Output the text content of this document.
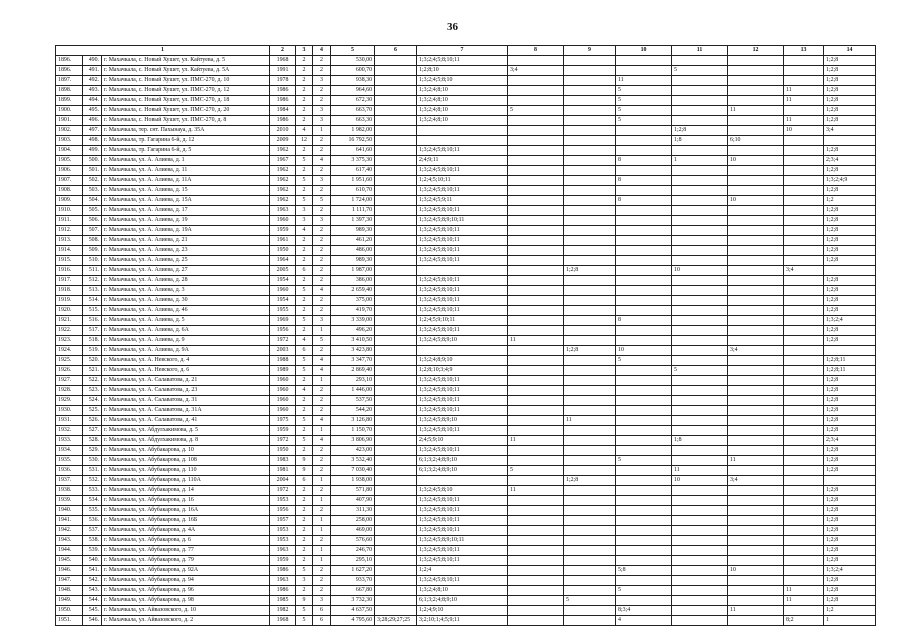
36
1			2	3	4	5	6	7	8	9	10	11	12	13	14
1896.	490.	г. Махачкала, с. Новый Хушет, ул. Кайтуева, д. 5	1968	2	2	530,00		1;3;2;4;5;8;10;11							1;2;8
1896.	491.	г. Махачкала, с. Новый Хушет, ул. Кайтуева, д. 5А	1991	2	2	600,70		1;2;8;10	3;4			5			1;2;8
1897.	492.	г. Махачкала, с. Новый Хушет, ул. ПМС-270, д. 10	1978	2	3	938,30		1;3;2;4;5;8;10			11				1;2;8
1898.	493.	г. Махачкала, с. Новый Хушет, ул. ПМС-270, д. 12	1986	2	2	964,60		1;3;2;4;8;10			5			11	1;2;8
1899.	494.	г. Махачкала, с. Новый Хушет, ул. ПМС-270, д. 18	1986	2	2	672,30		1;3;2;4;8;10			5			11	1;2;8
1900.	495.	г. Махачкала, с. Новый Хушет, ул. ПМС-270, д. 20	1984	2	3	663,70		1;3;2;4;8;10	5		5		11		1;2;8
1901.	496.	г. Махачкала, с. Новый Хушет, ул. ПМС-270, д. 8	1986	2	3	663,30		1;3;2;4;8;10			5			11	1;2;8
1902.	497.	г. Махачкала, тер. снт. Пахынауа, д. 35А	2010	4	1	1 982,00						1;2;8		10	3;4
1903.	498.	г. Махачкала, тр. Гагарина 6-й, д. 12	2009	12	2	16 792,50						1;8	6;10		
1904.	499.	г. Махачкала, тр. Гагарина 6-й, д. 5	1962	2	2	641,60		1;3;2;4;5;8;10;11							1;2;8
1905.	500.	г. Махачкала, ул. А. Алиева, д. 1	1967	5	4	3 375,30		2;4;9;11			8	1	10		2;3;4
1906.	501.	г. Махачкала, ул. А. Алиева, д. 11	1962	2	2	617,40		1;3;2;4;5;8;10;11							1;2;8
1907.	502.	г. Махачкала, ул. А. Алиева, д. 11А	1962	5	3	1 951,60		1;2;4;5;10;11			8				1;3;2;4;9
1908.	503.	г. Махачкала, ул. А. Алиева, д. 15	1962	2	2	610,70		1;3;2;4;5;8;10;11							1;2;8
1909.	504.	г. Махачкала, ул. А. Алиева, д. 15А	1962	5	5	1 724,00		1;3;2;4;5;9;11			8		10		1;2
1910.	505.	г. Махачкала, ул. А. Алиева, д. 17	1963	3	2	1 111,70		1;3;2;4;5;8;10;11							1;2;8
1911.	506.	г. Махачкала, ул. А. Алиева, д. 19	1960	3	3	1 397,30		1;3;2;4;5;8;9;10;11							1;2;8
1912.	507.	г. Махачкала, ул. А. Алиева, д. 19А	1959	4	2	989,30		1;3;2;4;5;8;10;11							1;2;8
1913.	508.	г. Махачкала, ул. А. Алиева, д. 21	1961	2	2	461,20		1;3;2;4;5;8;10;11							1;2;8
1914.	509.	г. Махачкала, ул. А. Алиева, д. 23	1950	2	2	486,00		1;3;2;4;5;8;10;11							1;2;8
1915.	510.	г. Махачкала, ул. А. Алиева, д. 25	1964	2	2	989,30		1;3;2;4;5;8;10;11							1;2;8
1916.	511.	г. Махачкала, ул. А. Алиева, д. 27	2005	6	2	1 987,00				1;2;8		10		3;4	
1917.	512.	г. Махачкала, ул. А. Алиева, д. 28	1954	2	2	386,00		1;3;2;4;5;8;10;11							1;2;8
1918.	513.	г. Махачкала, ул. А. Алиева, д. 3	1960	5	4	2 659,40		1;3;2;4;5;8;10;11							1;2;8
1919.	514.	г. Махачкала, ул. А. Алиева, д. 30	1954	2	2	375,00		1;3;2;4;5;8;10;11							1;2;8
1920.	515.	г. Махачкала, ул. А. Алиева, д. 46	1955	2	2	419,70		1;3;2;4;5;8;10;11							1;2;8
1921.	516.	г. Махачкала, ул. А. Алиева, д. 5	1969	5	3	3 339,00		1;2;4;5;9;10;11			8				1;3;2;4
1922.	517.	г. Махачкала, ул. А. Алиева, д. 6А	1956	2	1	496,20		1;3;2;4;5;8;10;11							1;2;8
1923.	518.	г. Махачкала, ул. А. Алиева, д. 9	1972	4	5	3 410,50		1;3;2;4;5;8;9;10	11						1;2;8
1924.	519.	г. Махачкала, ул. А. Алиева, д. 9А	2003	6	2	3 423,80				1;2;8	10		3;4		
1925.	520.	г. Махачкала, ул. А. Невского, д. 4	1988	5	4	3 347,70		1;3;2;4;8;9;10			5				1;2;8;11
1926.	521.	г. Махачкала, ул. А. Невского, д. 6	1989	5	4	2 869,40		1;2;8;10;3;4;9				5			1;2;8;11
1927.	522.	г. Махачкала, ул. А. Салаватова, д. 21	1960	2	1	293,10		1;3;2;4;5;8;10;11							1;2;8
1928.	523.	г. Махачкала, ул. А. Салаватова, д. 23	1960	4	2	1 446,00		1;3;2;4;5;8;10;11							1;2;8
1929.	524.	г. Махачкала, ул. А. Салаватова, д. 31	1960	2	2	537,50		1;3;2;4;5;8;10;11							1;2;8
1930.	525.	г. Махачкала, ул. А. Салаватова, д. 31А	1960	2	2	544,20		1;3;2;4;5;8;10;11							1;2;8
1931.	526.	г. Махачкала, ул. А. Салаватова, д. 41	1975	5	4	3 126,80		1;3;2;4;5;8;9;10		11					1;2;8
1932.	527.	г. Махачкала, ул. Абдулхакимова, д. 5	1959	2	1	1 150,70		1;3;2;4;5;8;10;11							1;2;8
1933.	528.	г. Махачкала, ул. Абдулхакимова, д. 8	1972	5	4	3 806,90		2;4;5;9;10	11			1;8			2;3;4
1934.	529.	г. Махачкала, ул. Абубакарова, д. 10	1950	2	2	423,00		1;3;2;4;5;8;10;11							1;2;8
1935.	530.	г. Махачкала, ул. Абубакарова, д. 108	1983	9	2	3 532,40		6;1;3;2;4;8;9;10			5		11		1;2;8
1936.	531.	г. Махачкала, ул. Абубакарова, д. 110	1981	9	2	7 030,40		6;1;3;2;4;8;9;10	5			11			1;2;8
1937.	532.	г. Махачкала, ул. Абубакарова, д. 110А	2004	6	1	1 938,00				1;2;8		10	3;4		
1938.	533.	г. Махачкала, ул. Абубакарова, д. 14	1972	2	2	571,80		1;3;2;4;5;8;10	11						1;2;8
1939.	534.	г. Махачкала, ул. Абубакарова, д. 16	1953	2	1	407,90		1;3;2;4;5;8;10;11							1;2;8
1940.	535.	г. Махачкала, ул. Абубакарова, д. 16А	1956	2	2	311,30		1;3;2;4;5;8;10;11							1;2;8
1941.	536.	г. Махачкала, ул. Абубакарова, д. 16Б	1957	2	1	258,00		1;3;2;4;5;8;10;11							1;2;8
1942.	537.	г. Махачкала, ул. Абубакарова, д. 4А	1953	2	1	469,00		1;3;2;4;5;8;10;11							1;2;8
1943.	538.	г. Махачкала, ул. Абубакарова, д. 6	1953	2	2	576,60		1;3;2;4;5;8;9;10;11							1;2;8
1944.	539.	г. Махачкала, ул. Абубакарова, д. 77	1963	2	1	246,70		1;3;2;4;5;8;10;11							1;2;8
1945.	540.	г. Махачкала, ул. Абубакарова, д. 79	1959	2	1	295,10		1;3;2;4;5;8;10;11							1;2;8
1946.	541.	г. Махачкала, ул. Абубакарова, д. 92А	1986	5	2	1 627,20		1;2;4			5;8		10		1;3;2;4
1947.	542.	г. Махачкала, ул. Абубакарова, д. 94	1963	3	2	933,70		1;3;2;4;5;8;10;11							1;2;8
1948.	543.	г. Махачкала, ул. Абубакарова, д. 96	1986	2	2	667,80		1;3;2;4;8;10			5			11	1;2;8
1949.	544.	г. Махачкала, ул. Абубакарова, д. 98	1985	9	3	3 732,30		6;1;3;2;4;8;9;10		5				11	1;2;8
1950.	545.	г. Махачкала, ул. Айвазовского, д. 10	1982	5	6	4 637,50		1;2;4;9;10			8;3;4		11		1;2
1951.	546.	г. Махачкала, ул. Айвазовского, д. 2	1968	5	6	4 795,60	3;28;29;27;25	3;2;10;1;4;5;9;11			4			8;2	1
